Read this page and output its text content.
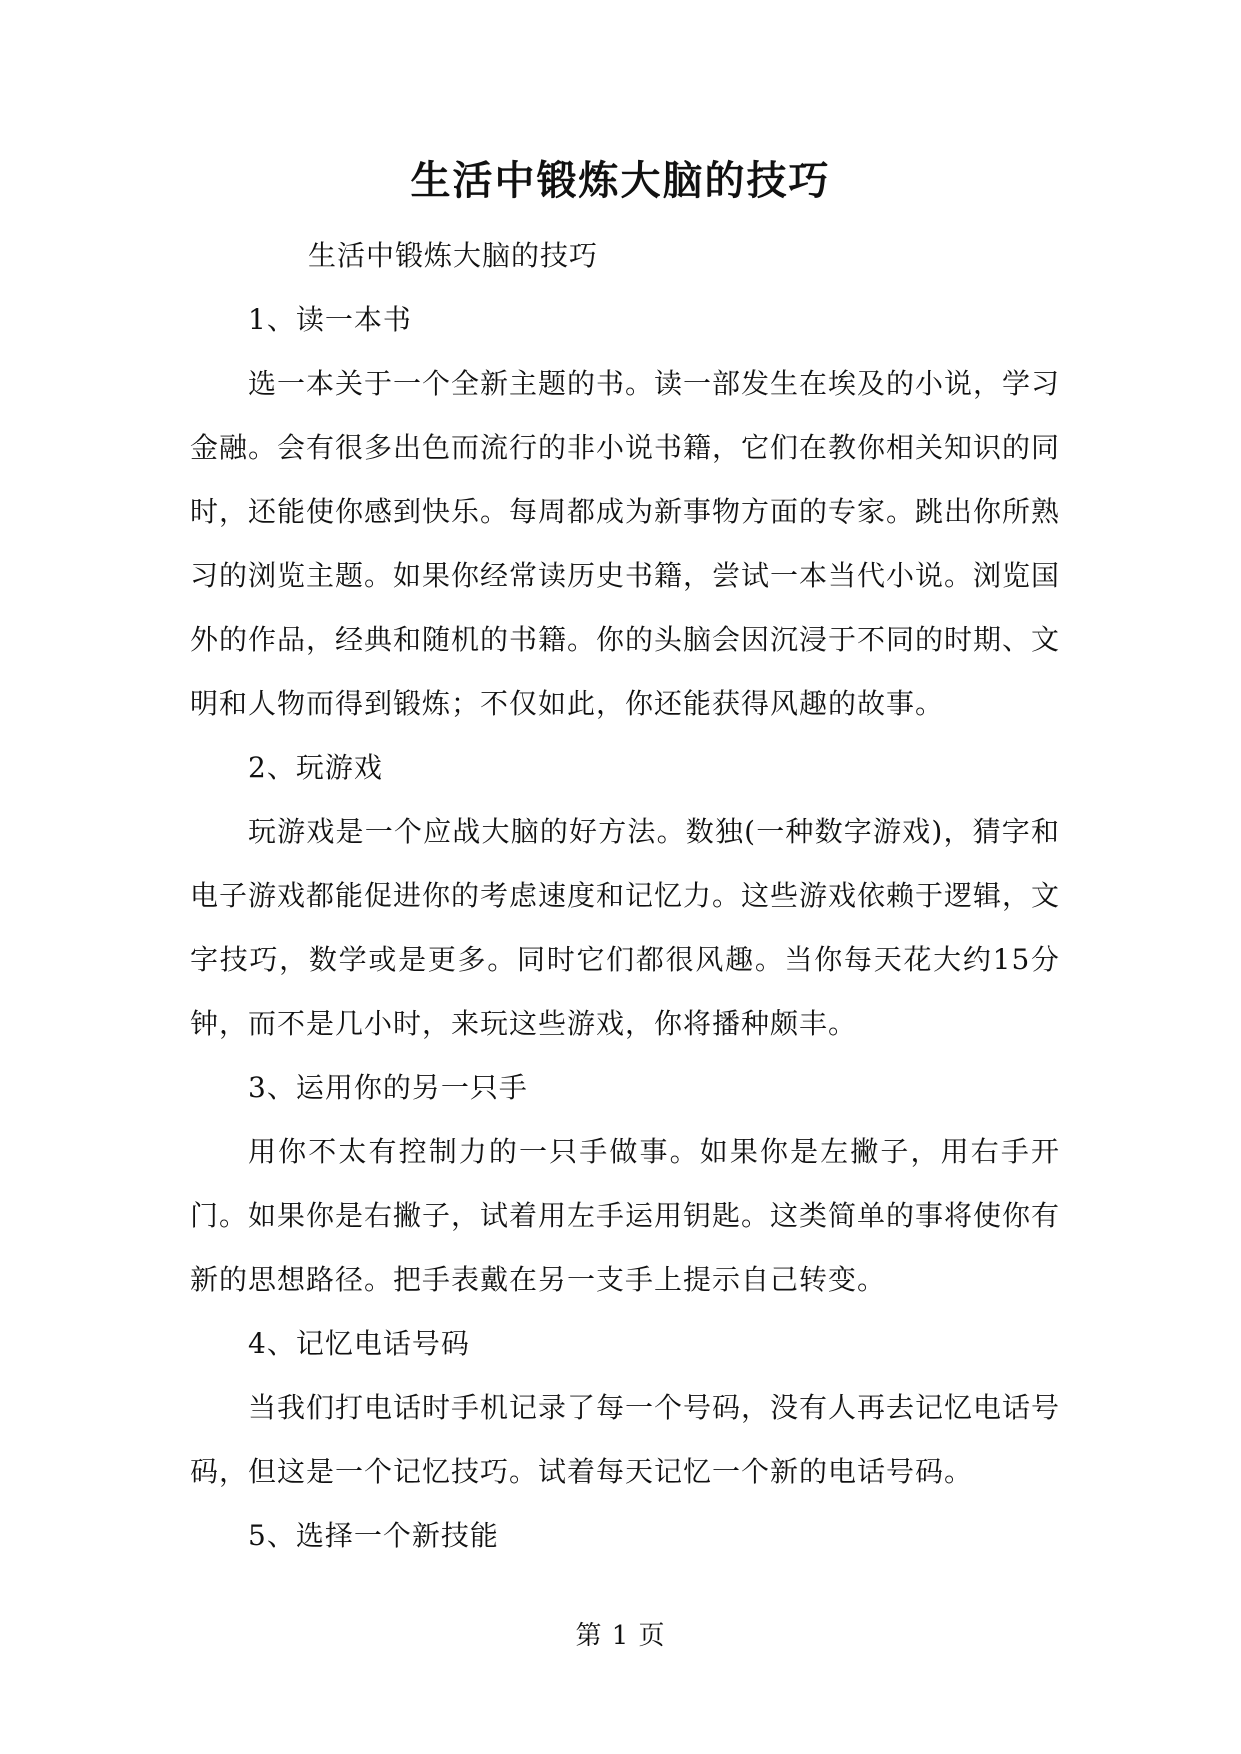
生活中锻炼大脑的技巧

生活中锻炼大脑的技巧

1、读一本书

选一本关于一个全新主题的书。读一部发生在埃及的小说，学习金融。会有很多出色而流行的非小说书籍，它们在教你相关知识的同时，还能使你感到快乐。每周都成为新事物方面的专家。跳出你所熟习的浏览主题。如果你经常读历史书籍，尝试一本当代小说。浏览国外的作品，经典和随机的书籍。你的头脑会因沉浸于不同的时期、文明和人物而得到锻炼；不仅如此，你还能获得风趣的故事。

2、玩游戏

玩游戏是一个应战大脑的好方法。数独(一种数字游戏)，猜字和电子游戏都能促进你的考虑速度和记忆力。这些游戏依赖于逻辑，文字技巧，数学或是更多。同时它们都很风趣。当你每天花大约15分钟，而不是几小时，来玩这些游戏，你将播种颇丰。

3、运用你的另一只手

用你不太有控制力的一只手做事。如果你是左撇子，用右手开门。如果你是右撇子，试着用左手运用钥匙。这类简单的事将使你有新的思想路径。把手表戴在另一支手上提示自己转变。

4、记忆电话号码

当我们打电话时手机记录了每一个号码，没有人再去记忆电话号码，但这是一个记忆技巧。试着每天记忆一个新的电话号码。

5、选择一个新技能

第 1 页
